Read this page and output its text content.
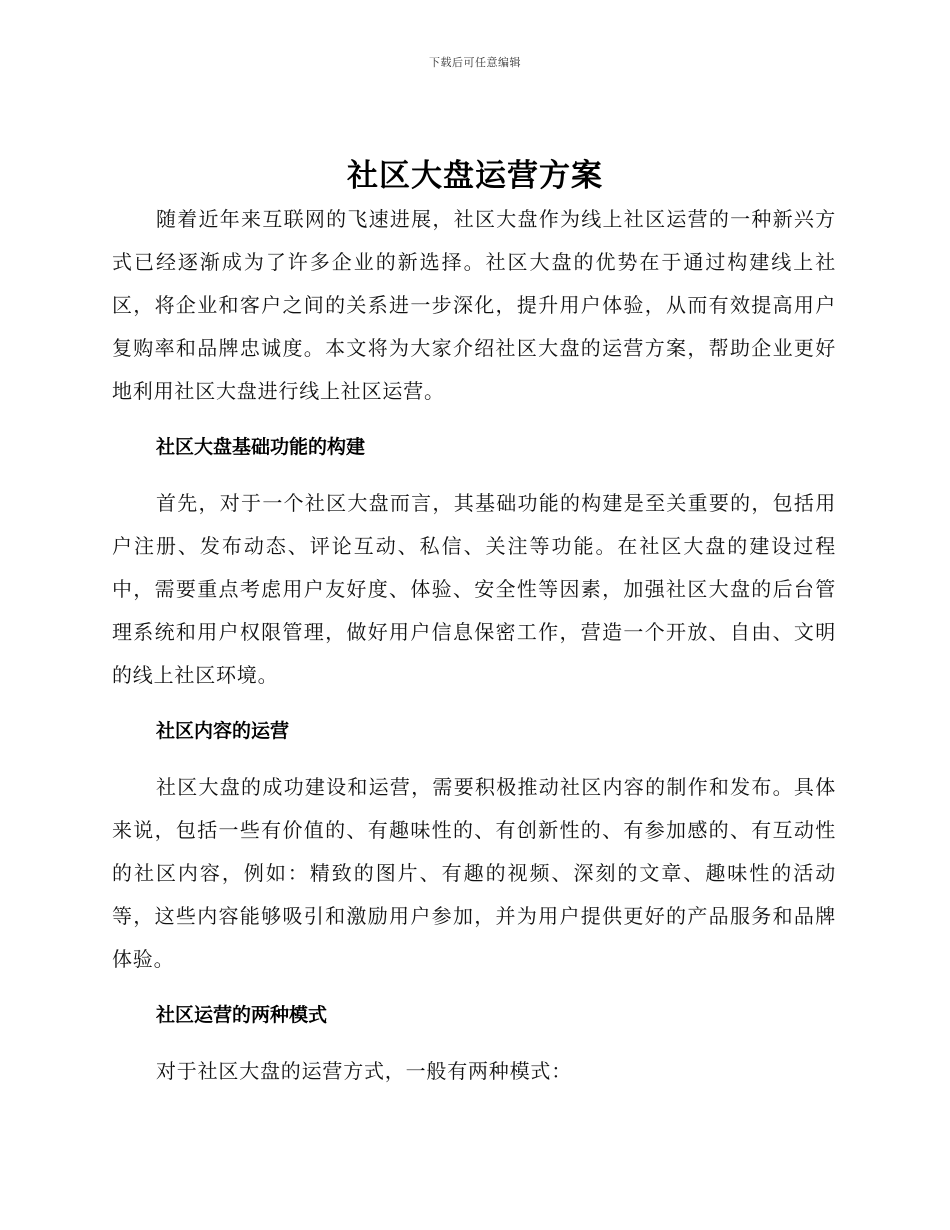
下载后可任意编辑
社区大盘运营方案

随着近年来互联网的飞速进展，社区大盘作为线上社区运营的一种新兴方式已经逐渐成为了许多企业的新选择。社区大盘的优势在于通过构建线上社区，将企业和客户之间的关系进一步深化，提升用户体验，从而有效提高用户复购率和品牌忠诚度。本文将为大家介绍社区大盘的运营方案，帮助企业更好地利用社区大盘进行线上社区运营。

社区大盘基础功能的构建

首先，对于一个社区大盘而言，其基础功能的构建是至关重要的，包括用户注册、发布动态、评论互动、私信、关注等功能。在社区大盘的建设过程中，需要重点考虑用户友好度、体验、安全性等因素，加强社区大盘的后台管理系统和用户权限管理，做好用户信息保密工作，营造一个开放、自由、文明的线上社区环境。

社区内容的运营

社区大盘的成功建设和运营，需要积极推动社区内容的制作和发布。具体来说，包括一些有价值的、有趣味性的、有创新性的、有参加感的、有互动性的社区内容，例如：精致的图片、有趣的视频、深刻的文章、趣味性的活动等，这些内容能够吸引和激励用户参加，并为用户提供更好的产品服务和品牌体验。

社区运营的两种模式

对于社区大盘的运营方式，一般有两种模式：
